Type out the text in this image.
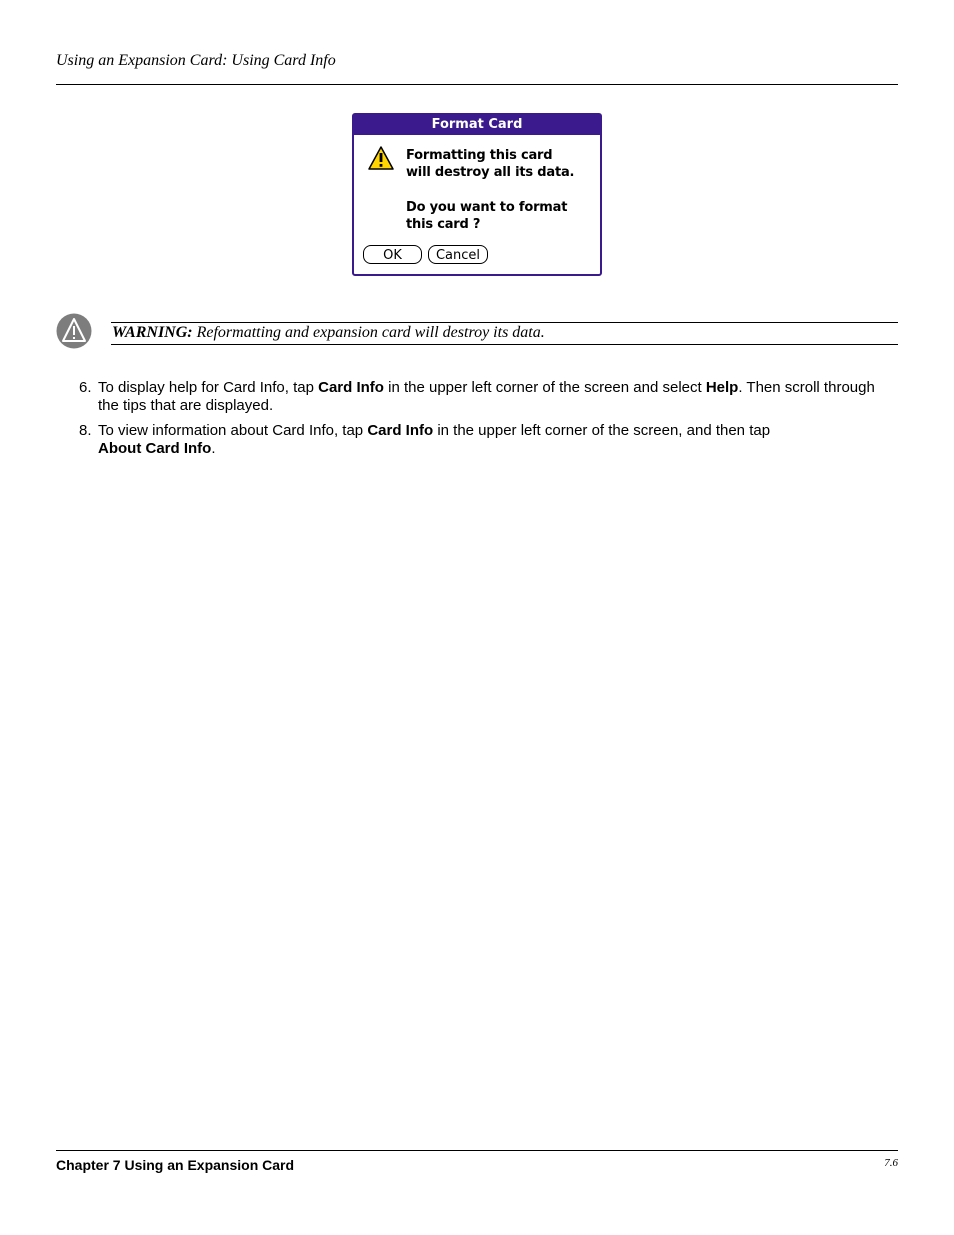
Using an Expansion Card: Using Card Info
Format Card
Formatting this card
will destroy all its data.
Do you want to format
this card ?
OK	Cancel
WARNING: Reformatting and expansion card will destroy its data.
6. To display help for Card Info, tap Card Info in the upper left corner of the screen and select Help. Then scroll through the tips that are displayed.
8. To view information about Card Info, tap Card Info in the upper left corner of the screen, and then tap
About Card Info.
Chapter 7 Using an Expansion Card	7.6
